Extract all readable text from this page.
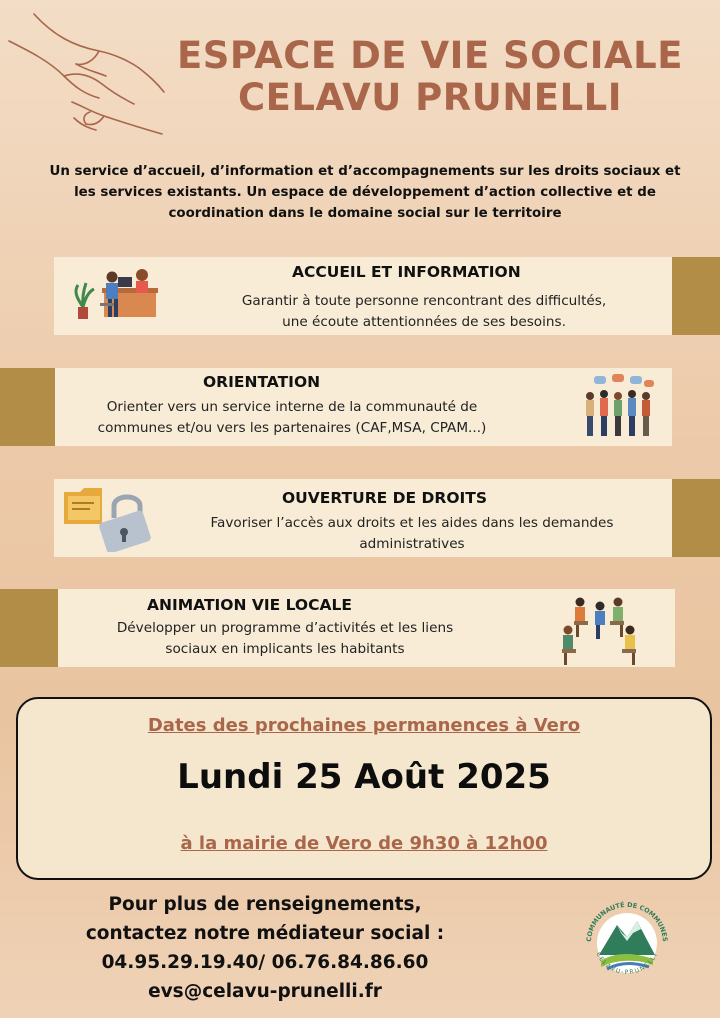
ESPACE DE VIE SOCIALE
CELAVU PRUNELLI
Un service d’accueil, d’information et d’accompagnements sur les droits sociaux et
les services existants. Un espace de développement d’action collective et de
coordination dans le domaine social sur le territoire
ACCUEIL ET INFORMATION
Garantir à toute personne rencontrant des difficultés,
une écoute attentionnées de ses besoins.
ORIENTATION
Orienter vers un service interne de la communauté de
communes et/ou vers les partenaires (CAF,MSA, CPAM...)
OUVERTURE DE DROITS
Favoriser l’accès aux droits et les aides dans les demandes
administratives
ANIMATION VIE LOCALE
Développer un programme d’activités et les liens
sociaux en implicants les habitants
Dates des prochaines permanences à Vero
Lundi 25 Août 2025
à la mairie de Vero de 9h30 à 12h00
Pour plus de renseignements,
contactez notre médiateur social :
04.95.29.19.40/ 06.76.84.86.60
evs@celavu-prunelli.fr
COMMUNAUTÉ DE COMMUNES
CELAVU-PRUNELLI
